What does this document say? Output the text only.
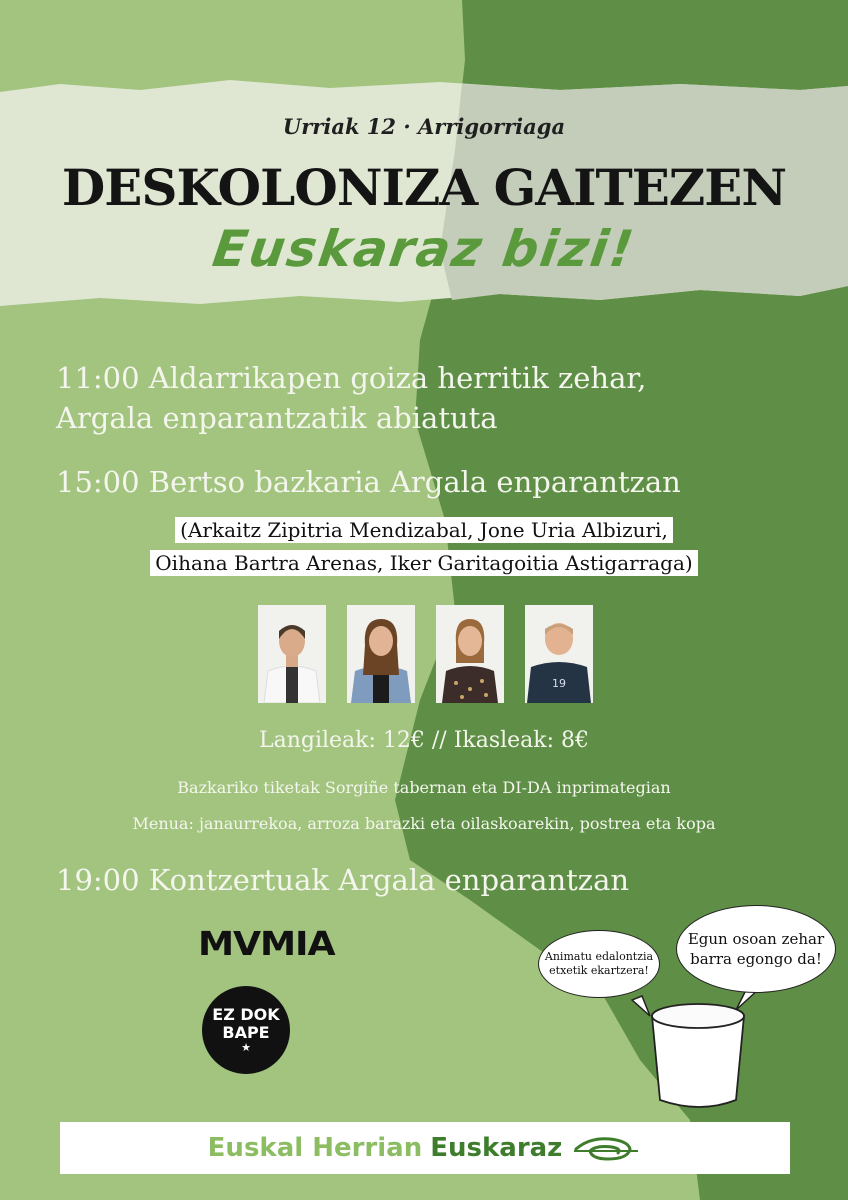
Urriak 12 · Arrigorriaga
DESKOLONIZA GAITEZEN
Euskaraz bizi!
11:00 Aldarrikapen goiza herritik zehar,
Argala enparantzatik abiatuta
15:00 Bertso bazkaria Argala enparantzan
(Arkaitz Zipitria Mendizabal, Jone Uria Albizuri,
Oihana Bartra Arenas, Iker Garitagoitia Astigarraga)
19
Langileak: 12€ // Ikasleak: 8€
Bazkariko tiketak Sorgiñe tabernan eta DI-DA inprimategian
Menua: janaurrekoa, arroza barazki eta oilaskoarekin, postrea eta kopa
19:00 Kontzertuak Argala enparantzan
MVMIA
EZ DOK
BAPE
★
Animatu edalontzia
etxetik ekartzera!
Egun osoan zehar
barra egongo da!
Euskal Herrian Euskaraz
